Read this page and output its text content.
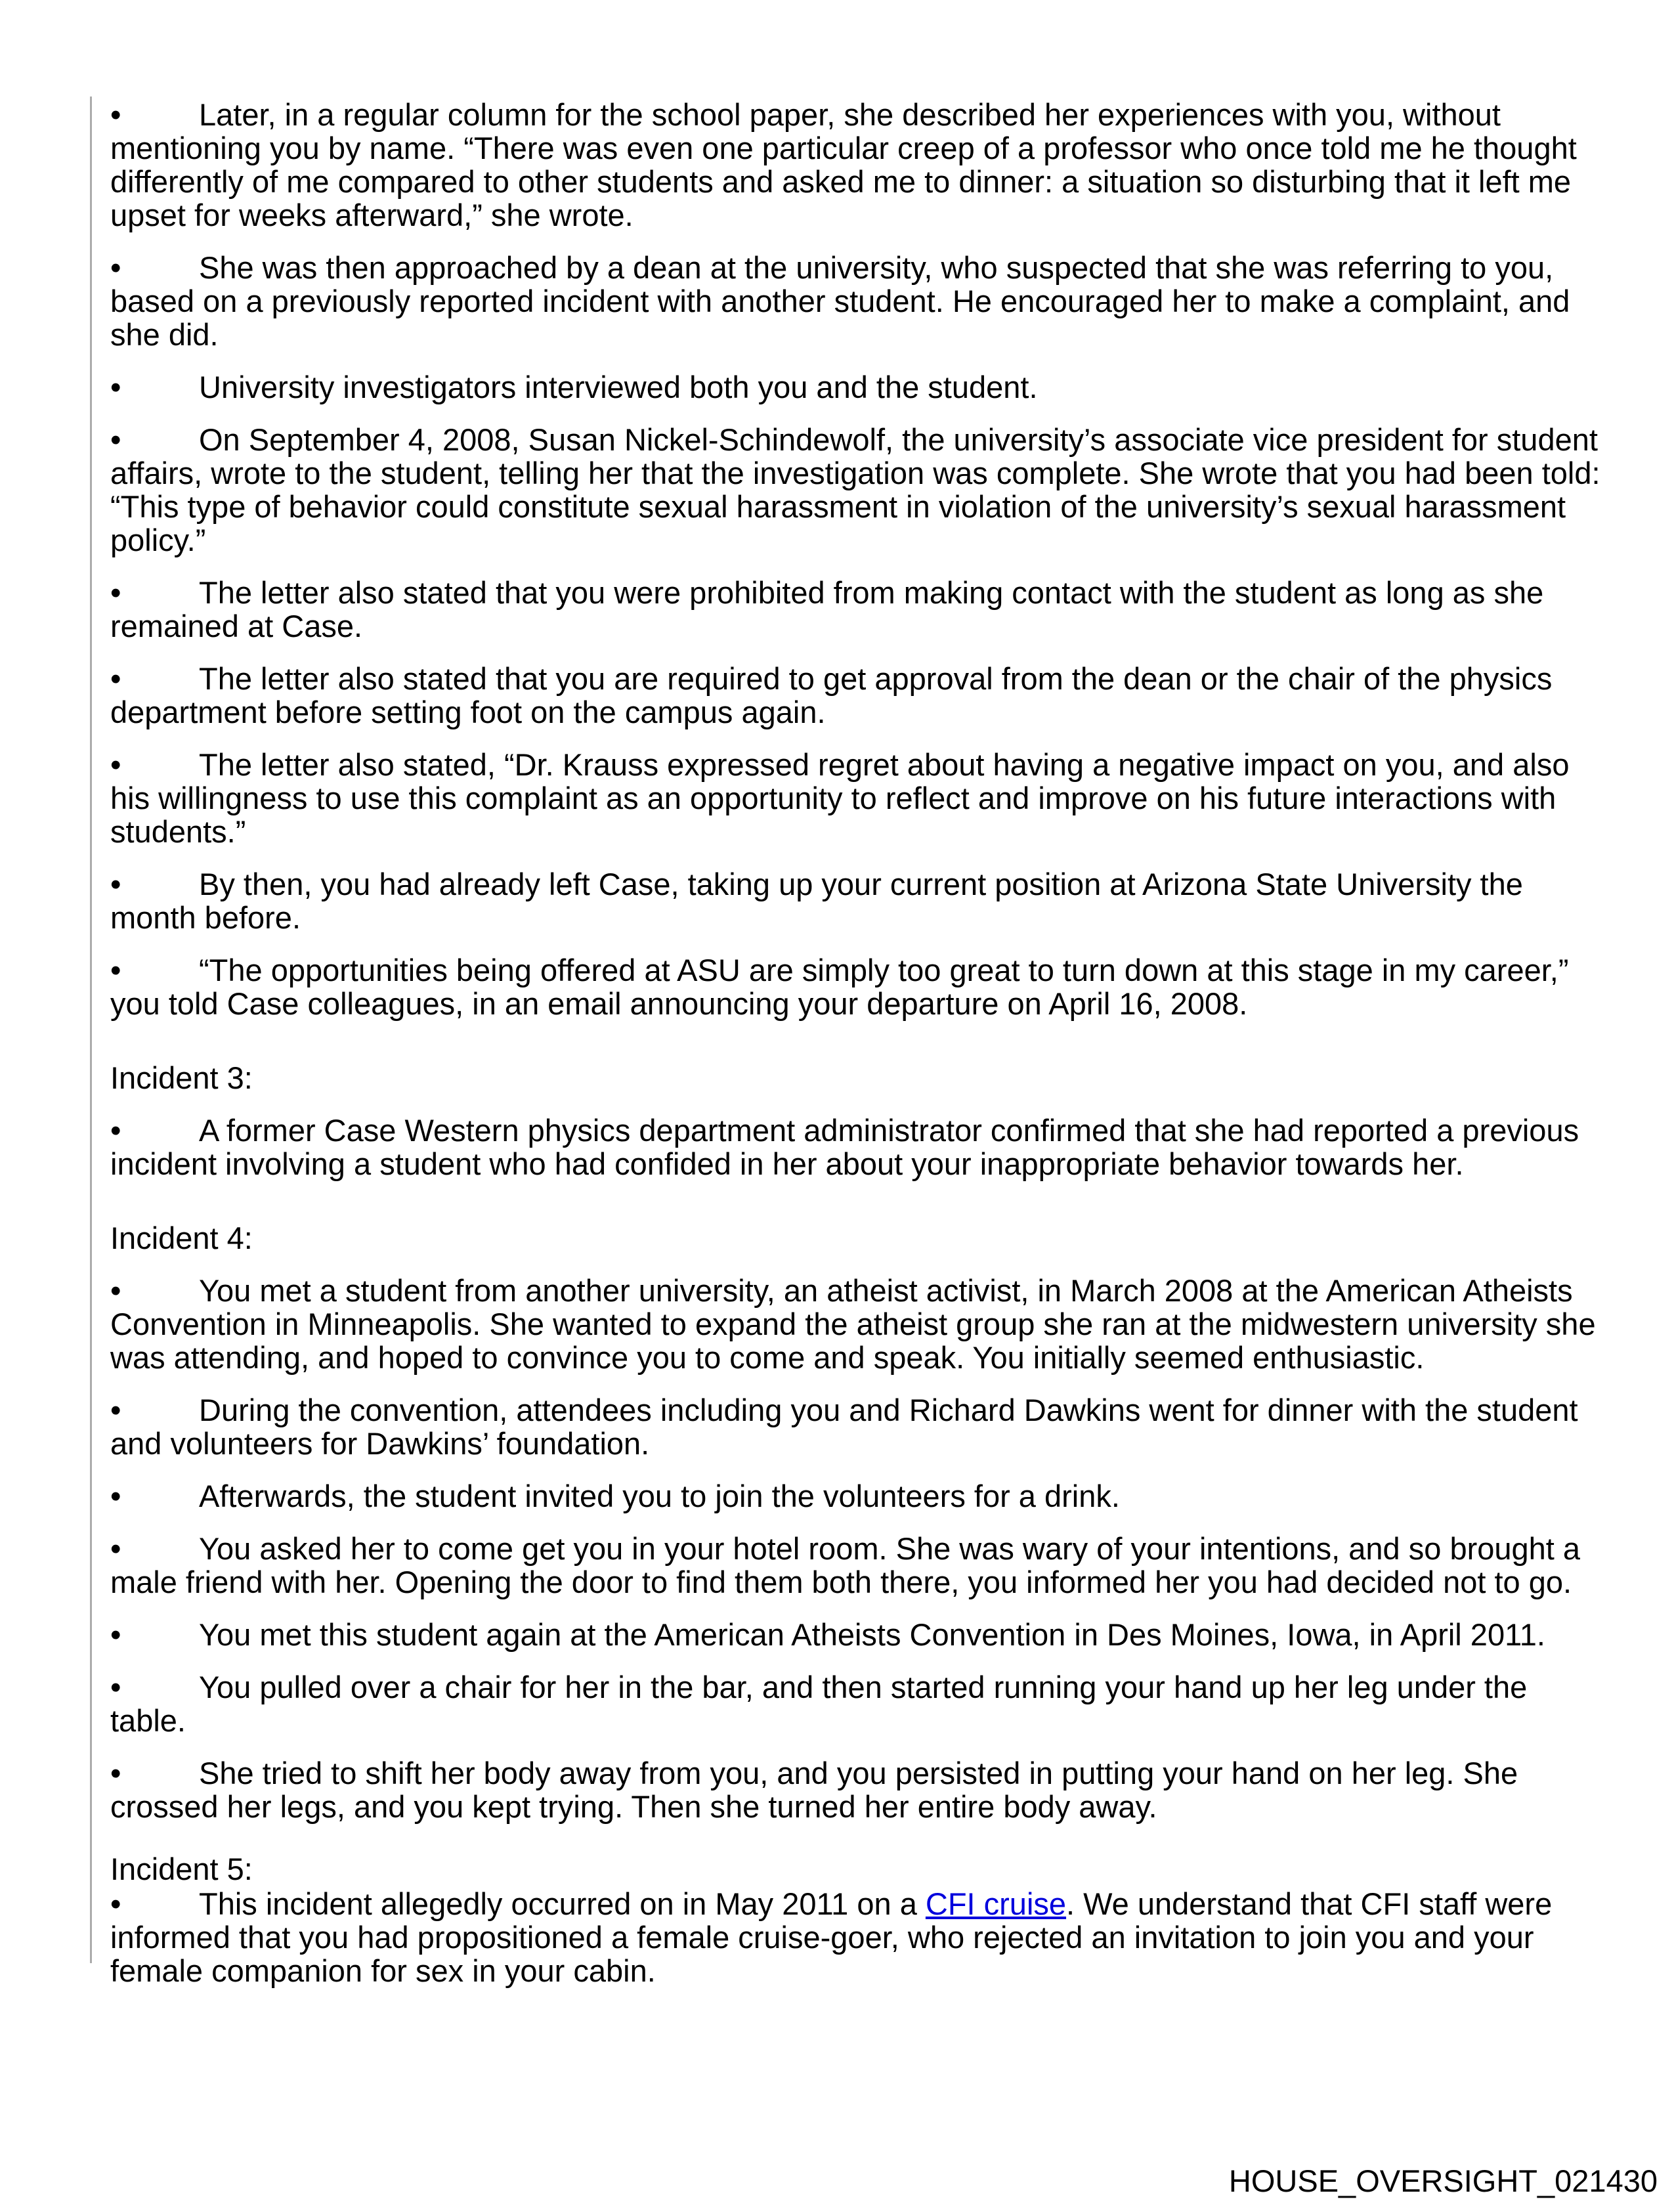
•	Later, in a regular column for the school paper, she described her experiences with you, without
mentioning you by name. “There was even one particular creep of a professor who once told me he thought
differently of me compared to other students and asked me to dinner: a situation so disturbing that it left me
upset for weeks afterward,” she wrote.
•	She was then approached by a dean at the university, who suspected that she was referring to you,
based on a previously reported incident with another student. He encouraged her to make a complaint, and
she did.
•	University investigators interviewed both you and the student.
•	On September 4, 2008, Susan Nickel-Schindewolf, the university’s associate vice president for student
affairs, wrote to the student, telling her that the investigation was complete. She wrote that you had been told:
“This type of behavior could constitute sexual harassment in violation of the university’s sexual harassment
policy.”
•	The letter also stated that you were prohibited from making contact with the student as long as she
remained at Case.
•	The letter also stated that you are required to get approval from the dean or the chair of the physics
department before setting foot on the campus again.
•	The letter also stated, “Dr. Krauss expressed regret about having a negative impact on you, and also
his willingness to use this complaint as an opportunity to reflect and improve on his future interactions with
students.”
•	By then, you had already left Case, taking up your current position at Arizona State University the
month before.
•	“The opportunities being offered at ASU are simply too great to turn down at this stage in my career,”
you told Case colleagues, in an email announcing your departure on April 16, 2008.
Incident 3:
•	A former Case Western physics department administrator confirmed that she had reported a previous
incident involving a student who had confided in her about your inappropriate behavior towards her.
Incident 4:
•	You met a student from another university, an atheist activist, in March 2008 at the American Atheists
Convention in Minneapolis. She wanted to expand the atheist group she ran at the midwestern university she
was attending, and hoped to convince you to come and speak. You initially seemed enthusiastic.
•	During the convention, attendees including you and Richard Dawkins went for dinner with the student
and volunteers for Dawkins’ foundation.
•	Afterwards, the student invited you to join the volunteers for a drink.
•	You asked her to come get you in your hotel room. She was wary of your intentions, and so brought a
male friend with her. Opening the door to find them both there, you informed her you had decided not to go.
•	You met this student again at the American Atheists Convention in Des Moines, Iowa, in April 2011.
•	You pulled over a chair for her in the bar, and then started running your hand up her leg under the
table.
•	She tried to shift her body away from you, and you persisted in putting your hand on her leg. She
crossed her legs, and you kept trying. Then she turned her entire body away.
Incident 5:
•	This incident allegedly occurred on in May 2011 on a CFI cruise. We understand that CFI staff were
informed that you had propositioned a female cruise-goer, who rejected an invitation to join you and your
female companion for sex in your cabin.
HOUSE_OVERSIGHT_021430
